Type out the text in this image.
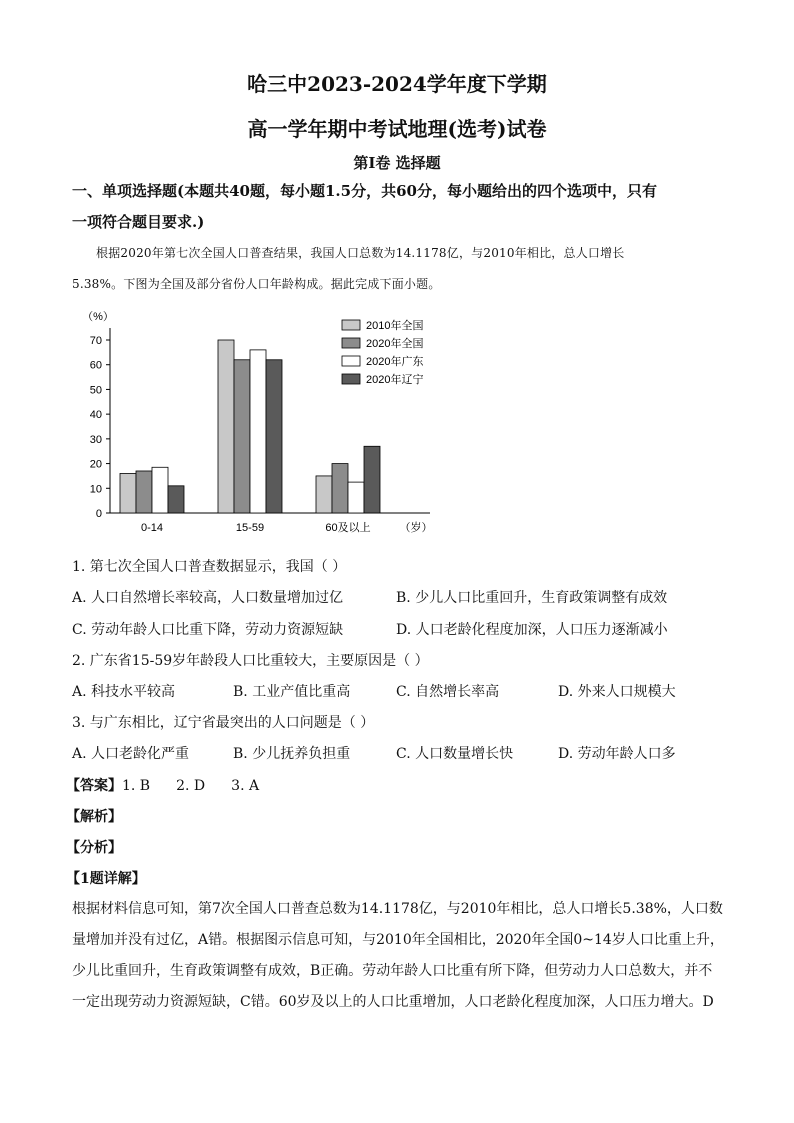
哈三中2023-2024学年度下学期
高一学年期中考试地理(选考)试卷
第Ⅰ卷 选择题
一、单项选择题(本题共40题，每小题1.5分，共60分，每小题给出的四个选项中，只有
一项符合题目要求.)
根据2020年第七次全国人口普查结果，我国人口总数为14.1178亿，与2010年相比，总人口增长
5.38%。下图为全国及部分省份人口年龄构成。据此完成下面小题。
（%）
0
10
20
30
40
50
60
70
0-14	15-59	60及以上	（岁）
2010年全国
2020年全国
2020年广东
2020年辽宁
1. 第七次全国人口普查数据显示，我国（ ）
A. 人口自然增长率较高，人口数量增加过亿	B. 少儿人口比重回升，生育政策调整有成效
C. 劳动年龄人口比重下降，劳动力资源短缺	D. 人口老龄化程度加深，人口压力逐渐减小
2. 广东省15-59岁年龄段人口比重较大，主要原因是（ ）
A. 科技水平较高	B. 工业产值比重高	C. 自然增长率高	D. 外来人口规模大
3. 与广东相比，辽宁省最突出的人口问题是（ ）
A. 人口老龄化严重	B. 少儿抚养负担重	C. 人口数量增长快	D. 劳动年龄人口多
【答案】1. B 2. D 3. A
【解析】
【分析】
【1题详解】
根据材料信息可知，第7次全国人口普查总数为14.1178亿，与2010年相比，总人口增长5.38%，人口数
量增加并没有过亿，A错。根据图示信息可知，与2010年全国相比，2020年全国0~14岁人口比重上升，
少儿比重回升，生育政策调整有成效，B正确。劳动年龄人口比重有所下降，但劳动力人口总数大，并不
一定出现劳动力资源短缺，C错。60岁及以上的人口比重增加，人口老龄化程度加深，人口压力增大。D
